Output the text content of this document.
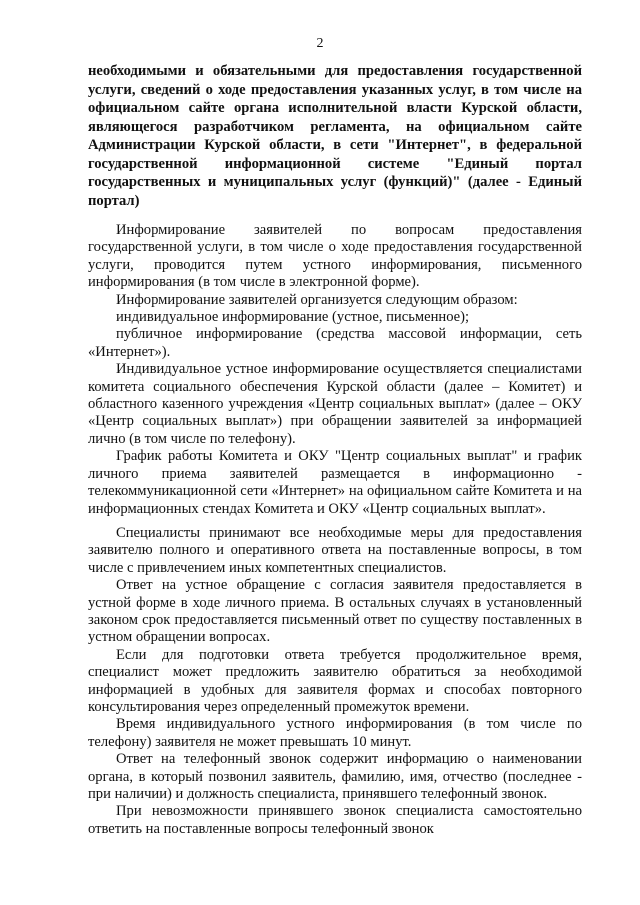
2
необходимыми и обязательными для предоставления государственной услуги, сведений о ходе предоставления указанных услуг, в том числе на официальном сайте органа исполнительной власти Курской области, являющегося разработчиком регламента, на официальном сайте Администрации Курской области, в сети "Интернет", в федеральной государственной информационной системе "Единый портал государственных и муниципальных услуг (функций)" (далее - Единый портал)

Информирование заявителей по вопросам предоставления государственной услуги, в том числе о ходе предоставления государственной услуги, проводится путем устного информирования, письменного информирования (в том числе в электронной форме).

Информирование заявителей организуется следующим образом:

индивидуальное информирование (устное, письменное);

публичное информирование (средства массовой информации, сеть «Интернет»).

Индивидуальное устное информирование осуществляется специалистами комитета социального обеспечения Курской области (далее – Комитет) и областного казенного учреждения «Центр социальных выплат» (далее – ОКУ «Центр социальных выплат») при обращении заявителей за информацией лично (в том числе по телефону).

График работы Комитета и ОКУ "Центр социальных выплат" и график личного приема заявителей размещается в информационно - телекоммуникационной сети «Интернет» на официальном сайте Комитета и на информационных стендах Комитета и ОКУ «Центр социальных выплат».

Специалисты принимают все необходимые меры для предоставления заявителю полного и оперативного ответа на поставленные вопросы, в том числе с привлечением иных компетентных специалистов.

Ответ на устное обращение с согласия заявителя предоставляется в устной форме в ходе личного приема. В остальных случаях в установленный законом срок предоставляется письменный ответ по существу поставленных в устном обращении вопросах.

Если для подготовки ответа требуется продолжительное время, специалист может предложить заявителю обратиться за необходимой информацией в удобных для заявителя формах и способах повторного консультирования через определенный промежуток времени.

Время индивидуального устного информирования (в том числе по телефону) заявителя не может превышать 10 минут.

Ответ на телефонный звонок содержит информацию о наименовании органа, в который позвонил заявитель, фамилию, имя, отчество (последнее - при наличии) и должность специалиста, принявшего телефонный звонок.

При невозможности принявшего звонок специалиста самостоятельно ответить на поставленные вопросы телефонный звонок
